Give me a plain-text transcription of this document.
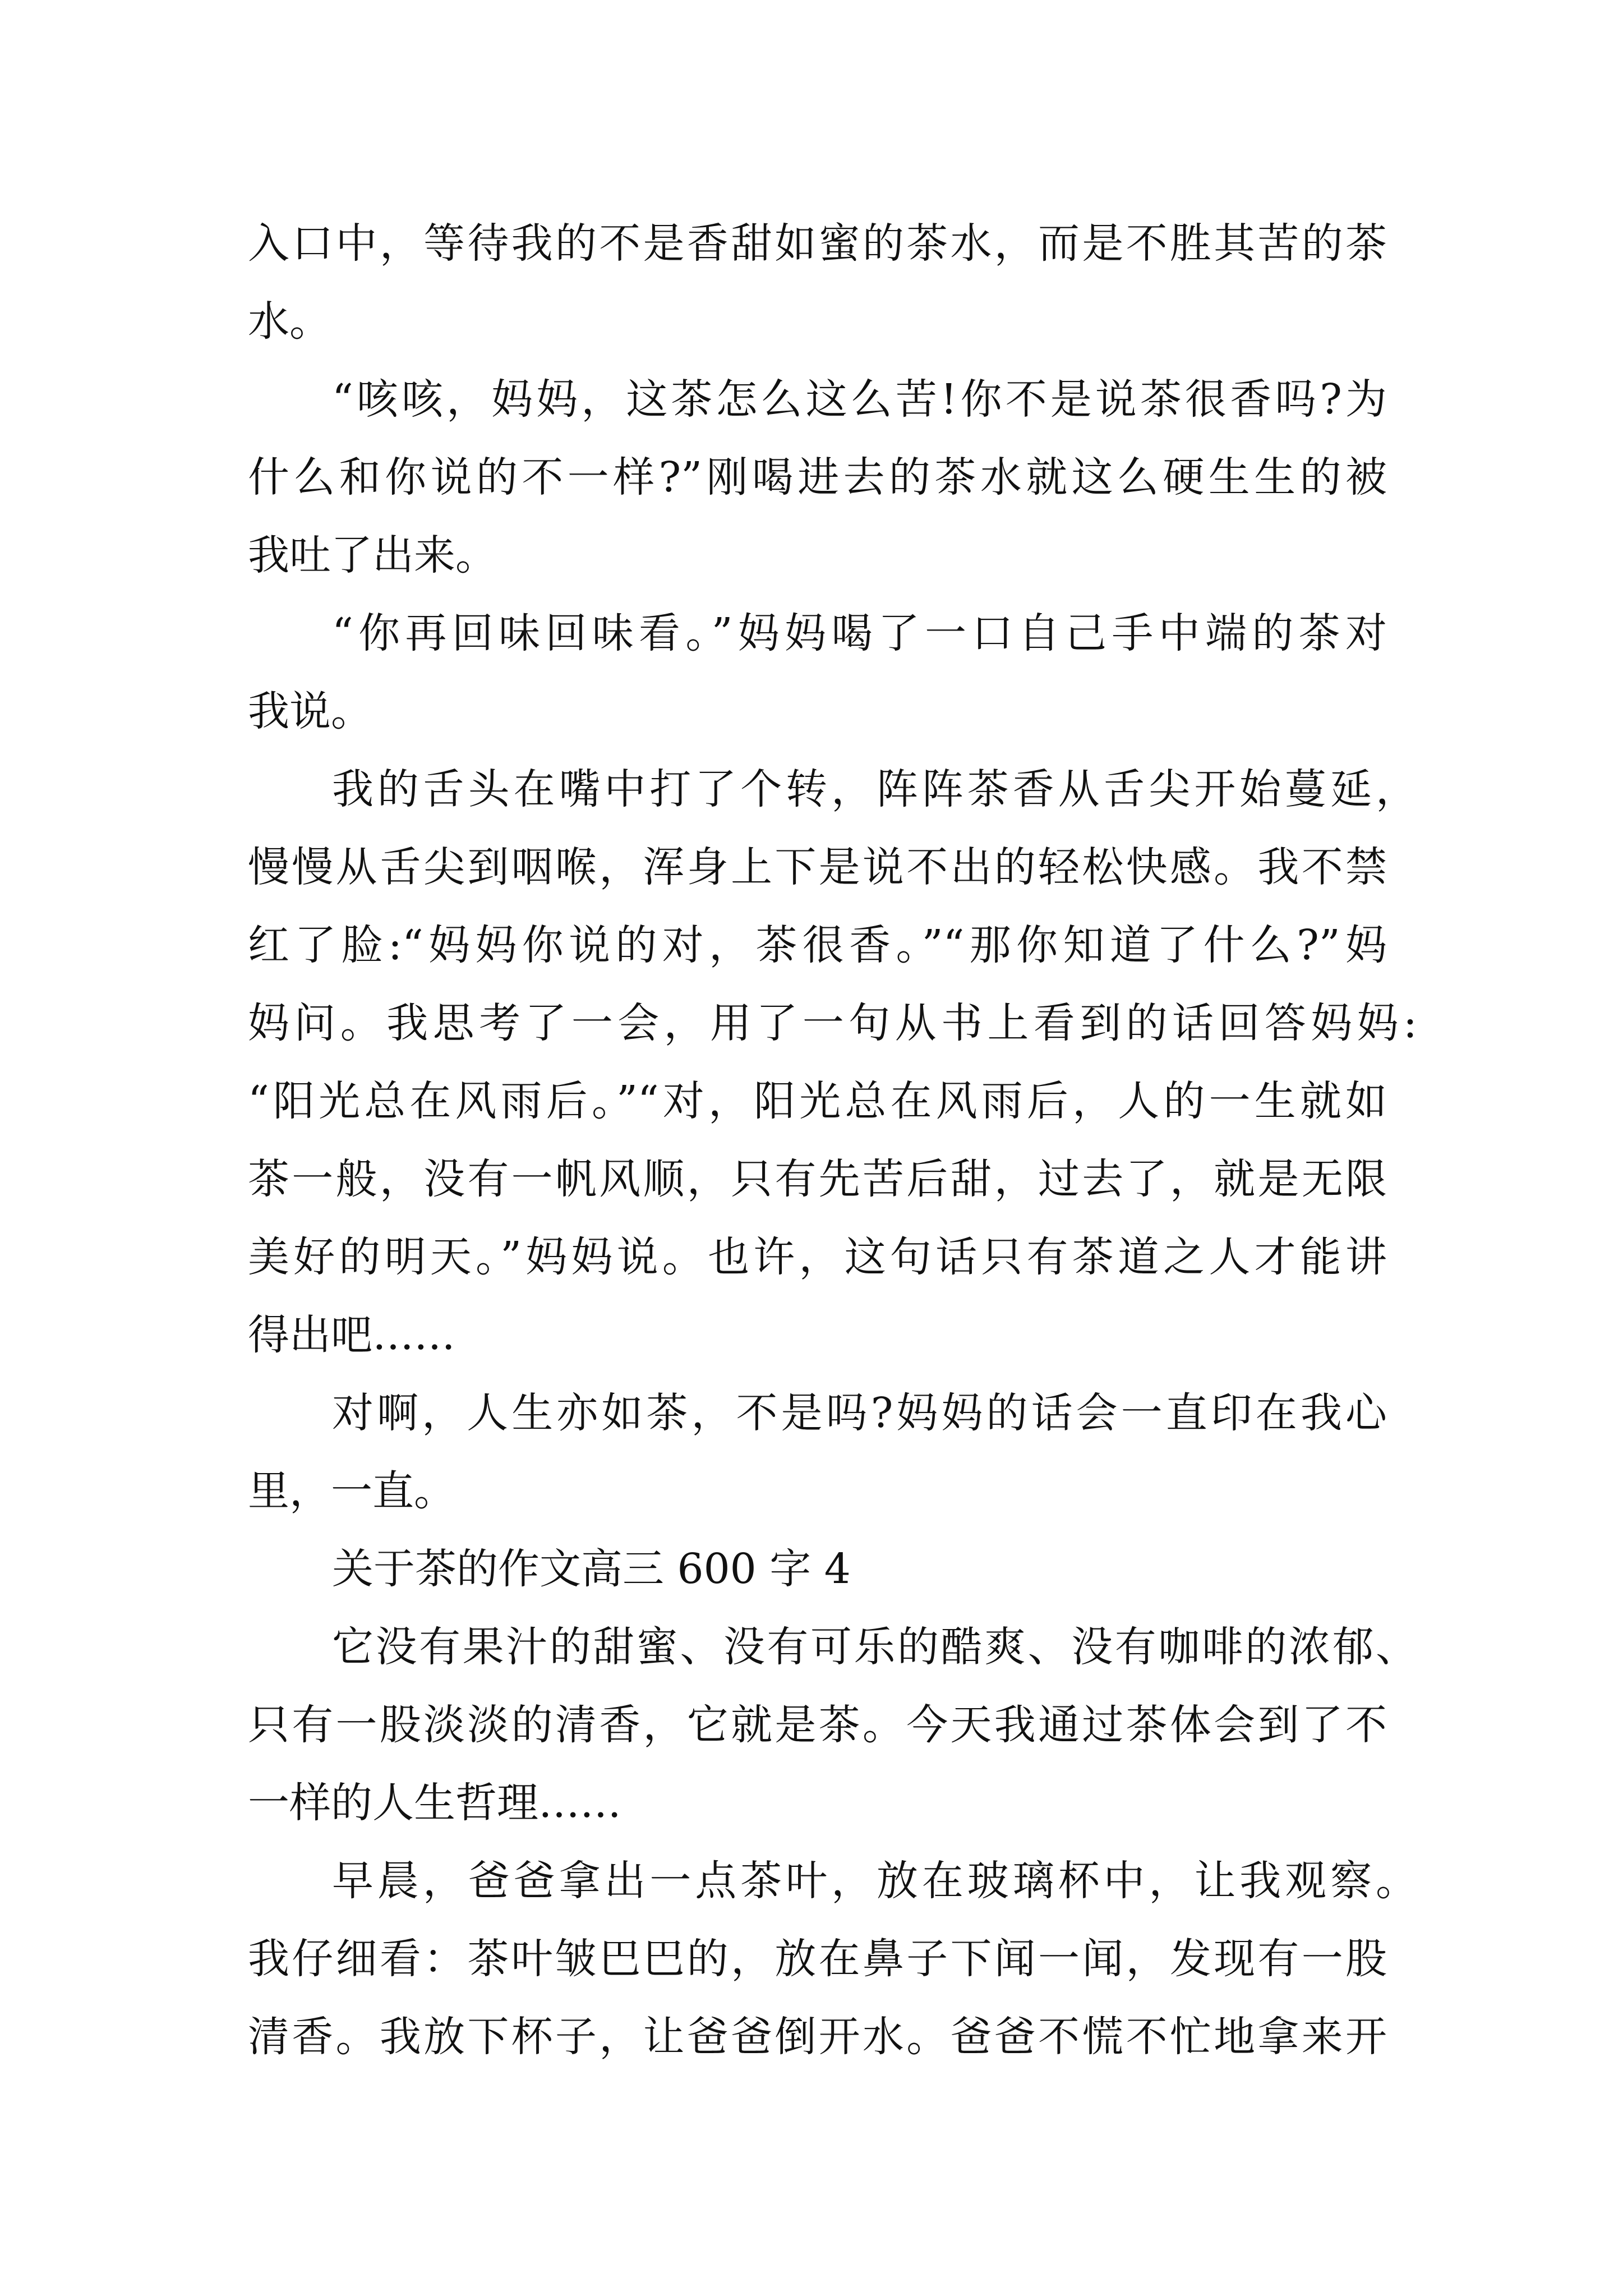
入口中，等待我的不是香甜如蜜的茶水，而是不胜其苦的茶
水。
“咳咳，妈妈，这茶怎么这么苦!你不是说茶很香吗?为
什么和你说的不一样?”刚喝进去的茶水就这么硬生生的被
我吐了出来。
“你再回味回味看。”妈妈喝了一口自己手中端的茶对
我说。
我的舌头在嘴中打了个转，阵阵茶香从舌尖开始蔓延，
慢慢从舌尖到咽喉，浑身上下是说不出的轻松快感。我不禁
红了脸:“妈妈你说的对，茶很香。”“那你知道了什么?”妈
妈问。我思考了一会，用了一句从书上看到的话回答妈妈:
“阳光总在风雨后。”“对，阳光总在风雨后，人的一生就如
茶一般，没有一帆风顺，只有先苦后甜，过去了，就是无限
美好的明天。”妈妈说。也许，这句话只有茶道之人才能讲
得出吧……
对啊，人生亦如茶，不是吗?妈妈的话会一直印在我心
里，一直。
关于茶的作文高三 600 字 4
它没有果汁的甜蜜、没有可乐的酷爽、没有咖啡的浓郁、
只有一股淡淡的清香，它就是茶。今天我通过茶体会到了不
一样的人生哲理……
早晨，爸爸拿出一点茶叶，放在玻璃杯中，让我观察。
我仔细看：茶叶皱巴巴的，放在鼻子下闻一闻，发现有一股
清香。我放下杯子，让爸爸倒开水。爸爸不慌不忙地拿来开
